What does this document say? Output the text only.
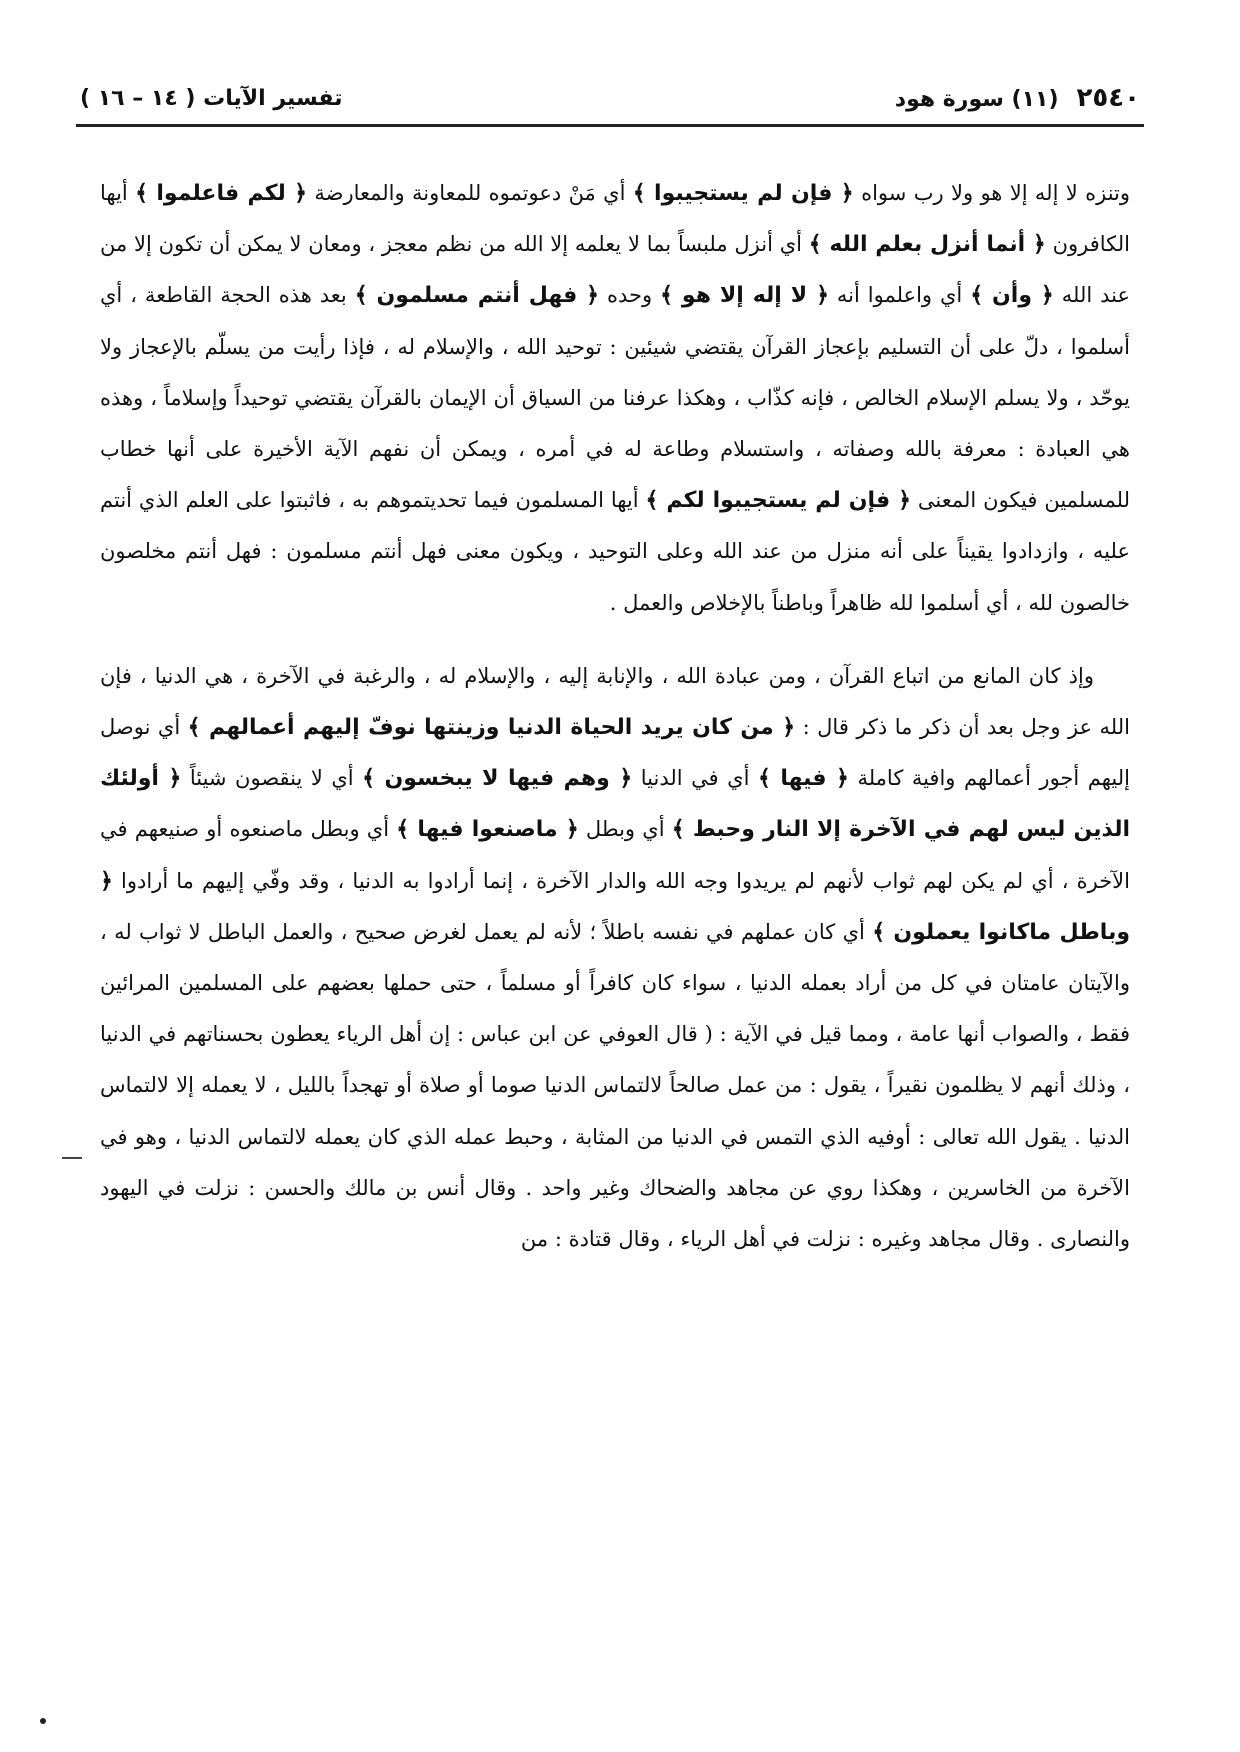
٢٥٤٠
(١١) سورة هود
تفسير الآيات ( ١٤ – ١٦ )

وتنزه لا إله إلا هو ولا رب سواه ﴿ فإن لم يستجيبوا ﴾ أي مَنْ دعوتموه للمعاونة والمعارضة ﴿ لكم فاعلموا ﴾ أيها الكافرون ﴿ أنما أنزل بعلم الله ﴾ أي أنزل ملبساً بما لا يعلمه إلا الله من نظم معجز ، ومعان لا يمكن أن تكون إلا من عند الله ﴿ وأن ﴾ أي واعلموا أنه ﴿ لا إله إلا هو ﴾ وحده ﴿ فهل أنتم مسلمون ﴾ بعد هذه الحجة القاطعة ، أي أسلموا ، دلّ على أن التسليم بإعجاز القرآن يقتضي شيئين : توحيد الله ، والإسلام له ، فإذا رأيت من يسلّم بالإعجاز ولا يوحّد ، ولا يسلم الإسلام الخالص ، فإنه كذّاب ، وهكذا عرفنا من السياق أن الإيمان بالقرآن يقتضي توحيداً وإسلاماً ، وهذه هي العبادة : معرفة بالله وصفاته ، واستسلام وطاعة له في أمره ، ويمكن أن نفهم الآية الأخيرة على أنها خطاب للمسلمين فيكون المعنى ﴿ فإن لم يستجيبوا لكم ﴾ أيها المسلمون فيما تحديتموهم به ، فاثبتوا على العلم الذي أنتم عليه ، وازدادوا يقيناً على أنه منزل من عند الله وعلى التوحيد ، ويكون معنى فهل أنتم مسلمون : فهل أنتم مخلصون خالصون لله ، أي أسلموا لله ظاهراً وباطناً بالإخلاص والعمل .

وإذ كان المانع من اتباع القرآن ، ومن عبادة الله ، والإنابة إليه ، والإسلام له ، والرغبة في الآخرة ، هي الدنيا ، فإن الله عز وجل بعد أن ذكر ما ذكر قال : ﴿ من كان يريد الحياة الدنيا وزينتها نوفّ إليهم أعمالهم ﴾ أي نوصل إليهم أجور أعمالهم وافية كاملة ﴿ فيها ﴾ أي في الدنيا ﴿ وهم فيها لا يبخسون ﴾ أي لا ينقصون شيئاً ﴿ أولئك الذين ليس لهم في الآخرة إلا النار وحبط ﴾ أي وبطل ﴿ ماصنعوا فيها ﴾ أي وبطل ماصنعوه أو صنيعهم في الآخرة ، أي لم يكن لهم ثواب لأنهم لم يريدوا وجه الله والدار الآخرة ، إنما أرادوا به الدنيا ، وقد وفّي إليهم ما أرادوا ﴿ وباطل ماكانوا يعملون ﴾ أي كان عملهم في نفسه باطلاً ؛ لأنه لم يعمل لغرض صحيح ، والعمل الباطل لا ثواب له ، والآيتان عامتان في كل من أراد بعمله الدنيا ، سواء كان كافراً أو مسلماً ، حتى حملها بعضهم على المسلمين المرائين فقط ، والصواب أنها عامة ، ومما قيل في الآية : ( قال العوفي عن ابن عباس : إن أهل الرياء يعطون بحسناتهم في الدنيا ، وذلك أنهم لا يظلمون نقيراً ، يقول : من عمل صالحاً لالتماس الدنيا صوما أو صلاة أو تهجداً بالليل ، لا يعمله إلا لالتماس الدنيا . يقول الله تعالى : أوفيه الذي التمس في الدنيا من المثابة ، وحبط عمله الذي كان يعمله لالتماس الدنيا ، وهو في الآخرة من الخاسرين ، وهكذا روي عن مجاهد والضحاك وغير واحد . وقال أنس بن مالك والحسن : نزلت في اليهود والنصارى . وقال مجاهد وغيره : نزلت في أهل الرياء ، وقال قتادة : من
